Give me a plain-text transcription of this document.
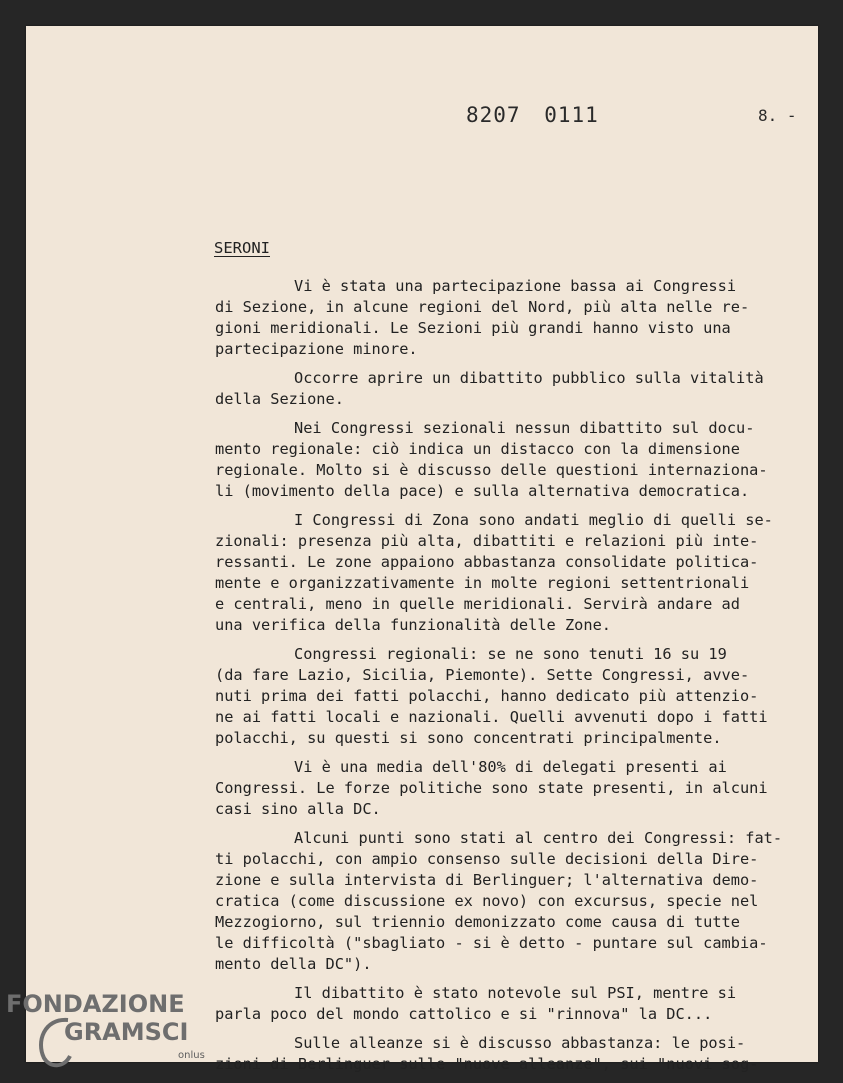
8207 0111	8. -
SERONI
Vi è stata una partecipazione bassa ai Congressi
di Sezione, in alcune regioni del Nord, più alta nelle re-
gioni meridionali. Le Sezioni più grandi hanno visto una
partecipazione minore.
Occorre aprire un dibattito pubblico sulla vitalità
della Sezione.
Nei Congressi sezionali nessun dibattito sul docu-
mento regionale: ciò indica un distacco con la dimensione
regionale. Molto si è discusso delle questioni internaziona-
li (movimento della pace) e sulla alternativa democratica.
I Congressi di Zona sono andati meglio di quelli se-
zionali: presenza più alta, dibattiti e relazioni più inte-
ressanti. Le zone appaiono abbastanza consolidate politica-
mente e organizzativamente in molte regioni settentrionali
e centrali, meno in quelle meridionali. Servirà andare ad
una verifica della funzionalità delle Zone.
Congressi regionali: se ne sono tenuti 16 su 19
(da fare Lazio, Sicilia, Piemonte). Sette Congressi, avve-
nuti prima dei fatti polacchi, hanno dedicato più attenzio-
ne ai fatti locali e nazionali. Quelli avvenuti dopo i fatti
polacchi, su questi si sono concentrati principalmente.
Vi è una media dell'80% di delegati presenti ai
Congressi. Le forze politiche sono state presenti, in alcuni
casi sino alla DC.
Alcuni punti sono stati al centro dei Congressi: fat-
ti polacchi, con ampio consenso sulle decisioni della Dire-
zione e sulla intervista di Berlinguer; l'alternativa demo-
cratica (come discussione ex novo) con excursus, specie nel
Mezzogiorno, sul triennio demonizzato come causa di tutte
le difficoltà ("sbagliato - si è detto - puntare sul cambia-
mento della DC").
Il dibattito è stato notevole sul PSI, mentre si
parla poco del mondo cattolico e si "rinnova" la DC...
Sulle alleanze si è discusso abbastanza: le posi-
zioni di Berlinguer sulle "nuove alleanze", sui "nuovi sog-
FONDAZIONE
GRAMSCI
onlus
